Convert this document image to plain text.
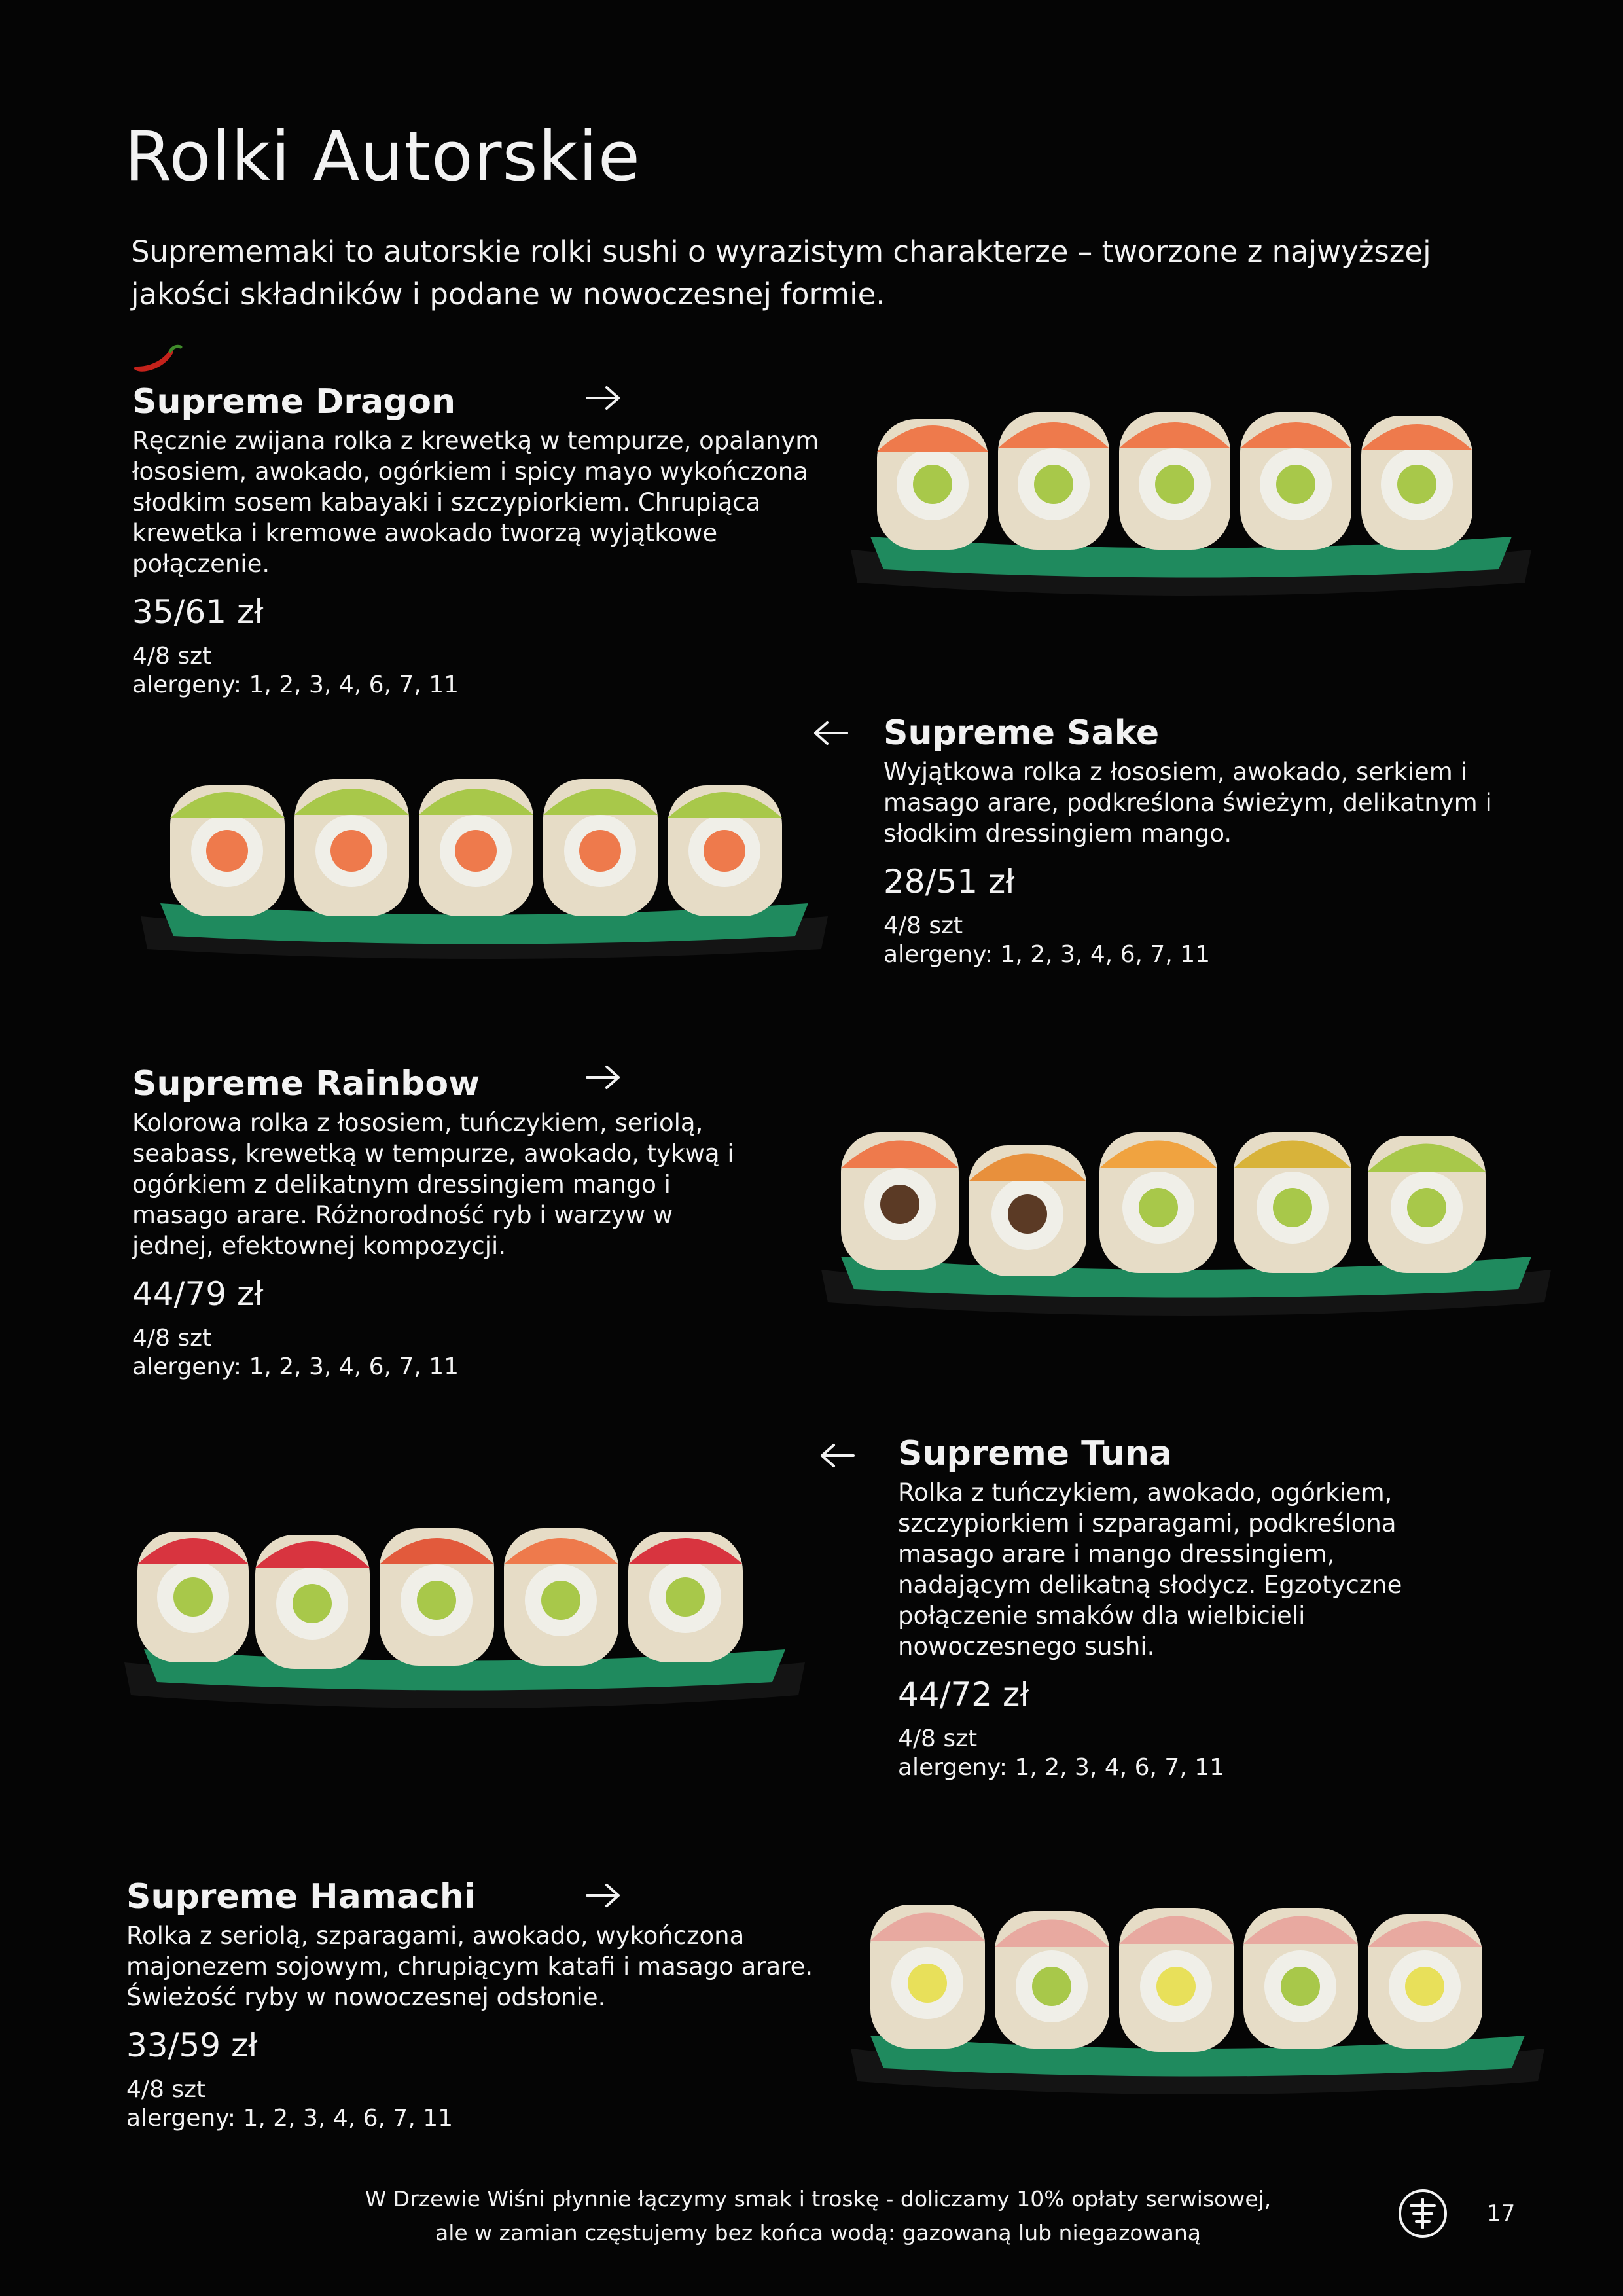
Rolki Autorskie

Suprememaki to autorskie rolki sushi o wyrazistym charakterze – tworzone z najwyższej jakości składników i podane w nowoczesnej formie.

Supreme Dragon

Ręcznie zwijana rolka z krewetką w tempurze, opalanym łososiem, awokado, ogórkiem i spicy mayo wykończona słodkim sosem kabayaki i szczypiorkiem. Chrupiąca krewetka i kremowe awokado tworzą wyjątkowe połączenie.

35/61 zł

4/8 szt

alergeny: 1, 2, 3, 4, 6, 7, 11

Supreme Sake

Wyjątkowa rolka z łososiem, awokado, serkiem i masago arare, podkreślona świeżym, delikatnym i słodkim dressingiem mango.

28/51 zł

4/8 szt

alergeny: 1, 2, 3, 4, 6, 7, 11

Supreme Rainbow

Kolorowa rolka z łososiem, tuńczykiem, seriolą, seabass, krewetką w tempurze, awokado, tykwą i ogórkiem z delikatnym dressingiem mango i masago arare. Różnorodność ryb i warzyw w jednej, efektownej kompozycji.

44/79 zł

4/8 szt

alergeny: 1, 2, 3, 4, 6, 7, 11

Supreme Tuna

Rolka z tuńczykiem, awokado, ogórkiem, szczypiorkiem i szparagami, podkreślona masago arare i mango dressingiem, nadającym delikatną słodycz. Egzotyczne połączenie smaków dla wielbicieli nowoczesnego sushi.

44/72 zł

4/8 szt

alergeny: 1, 2, 3, 4, 6, 7, 11

Supreme Hamachi

Rolka z seriolą, szparagami, awokado, wykończona majonezem sojowym, chrupiącym katafi i masago arare. Świeżość ryby w nowoczesnej odsłonie.

33/59 zł

4/8 szt

alergeny: 1, 2, 3, 4, 6, 7, 11

W Drzewie Wiśni płynnie łączymy smak i troskę - doliczamy 10% opłaty serwisowej,
ale w zamian częstujemy bez końca wodą: gazowaną lub niegazowaną

17
